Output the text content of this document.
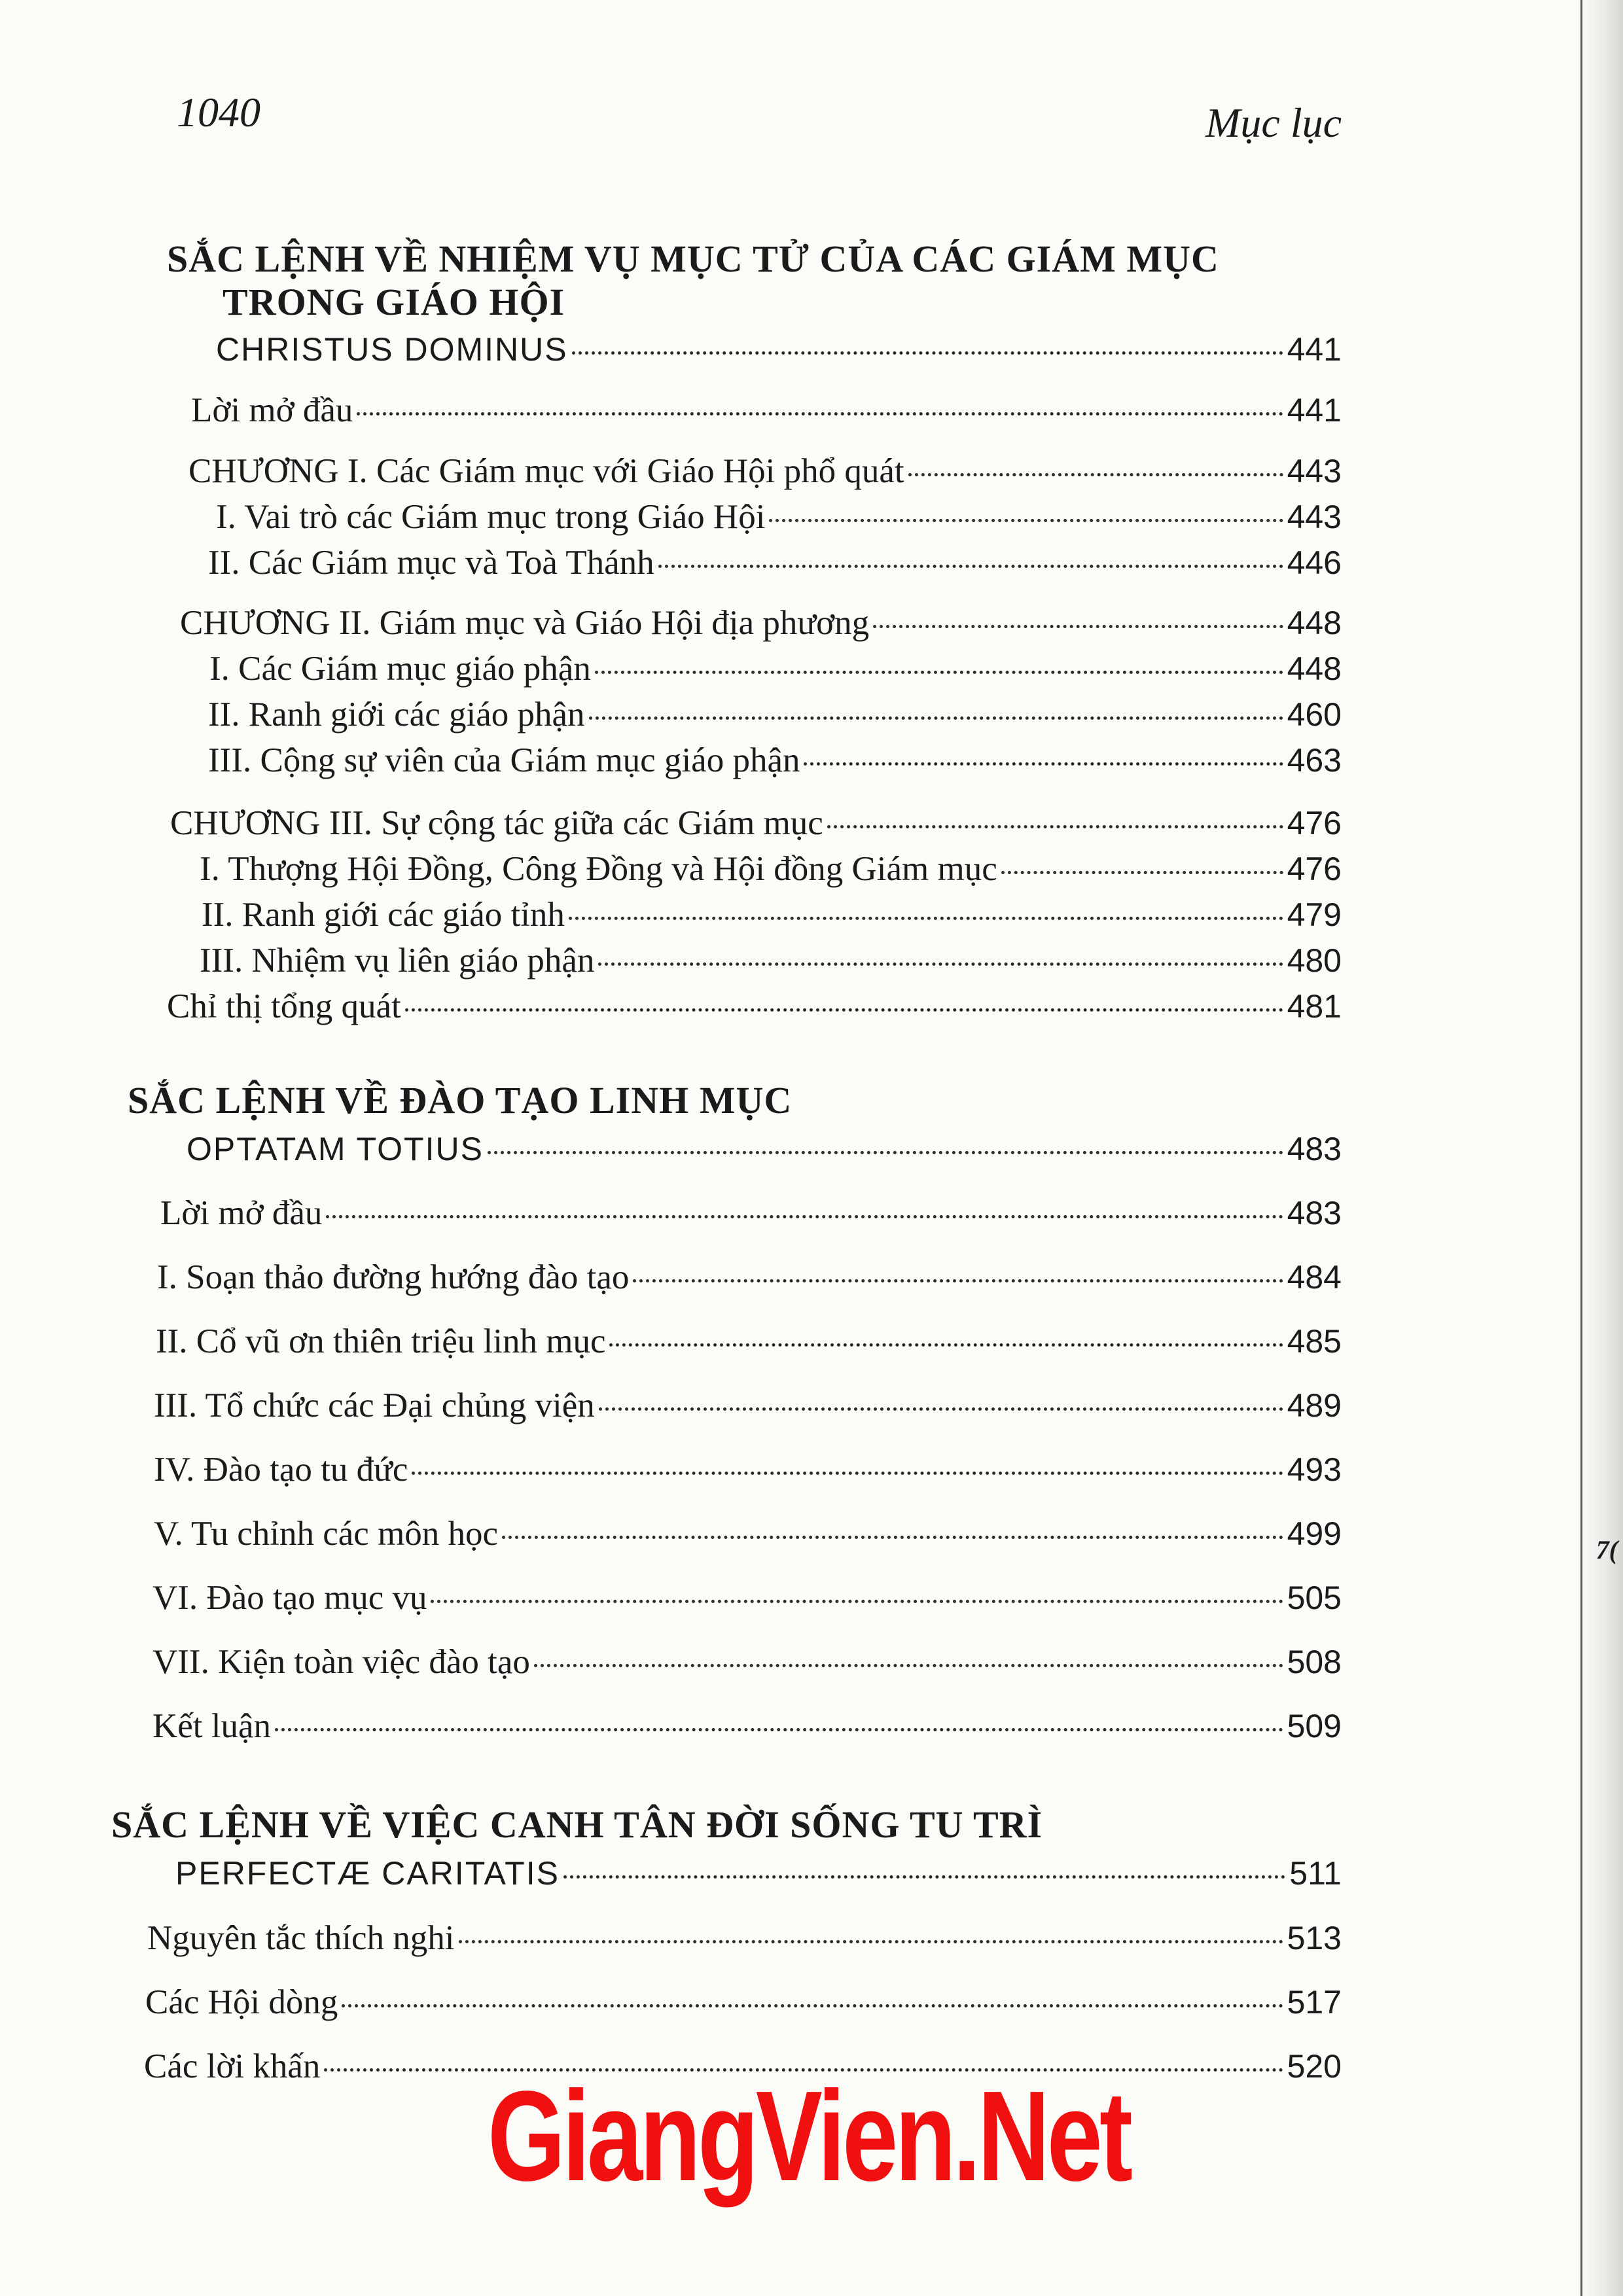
7(
1040	Mục lục
SẮC LỆNH VỀ NHIỆM VỤ MỤC TỬ CỦA CÁC GIÁM MỤC
TRONG GIÁO HỘI
CHRISTUS DOMINUS	441
Lời mở đầu	441
CHƯƠNG I. Các Giám mục với Giáo Hội phổ quát	443
I. Vai trò các Giám mục trong Giáo Hội	443
II. Các Giám mục và Toà Thánh	446
CHƯƠNG II. Giám mục và Giáo Hội địa phương	448
I. Các Giám mục giáo phận	448
II. Ranh giới các giáo phận	460
III. Cộng sự viên của Giám mục giáo phận	463
CHƯƠNG III. Sự cộng tác giữa các Giám mục	476
I. Thượng Hội Đồng, Công Đồng và Hội đồng Giám mục	476
II. Ranh giới các giáo tỉnh	479
III. Nhiệm vụ liên giáo phận	480
Chỉ thị tổng quát	481
SẮC LỆNH VỀ ĐÀO TẠO LINH MỤC
OPTATAM TOTIUS	483
Lời mở đầu	483
I. Soạn thảo đường hướng đào tạo	484
II. Cổ vũ ơn thiên triệu linh mục	485
III. Tổ chức các Đại chủng viện	489
IV. Đào tạo tu đức	493
V. Tu chỉnh các môn học	499
VI. Đào tạo mục vụ	505
VII. Kiện toàn việc đào tạo	508
Kết luận	509
SẮC LỆNH VỀ VIỆC CANH TÂN ĐỜI SỐNG TU TRÌ
PERFECTÆ CARITATIS	511
Nguyên tắc thích nghi	513
Các Hội dòng	517
Các lời khấn	520
GiangVien.Net
